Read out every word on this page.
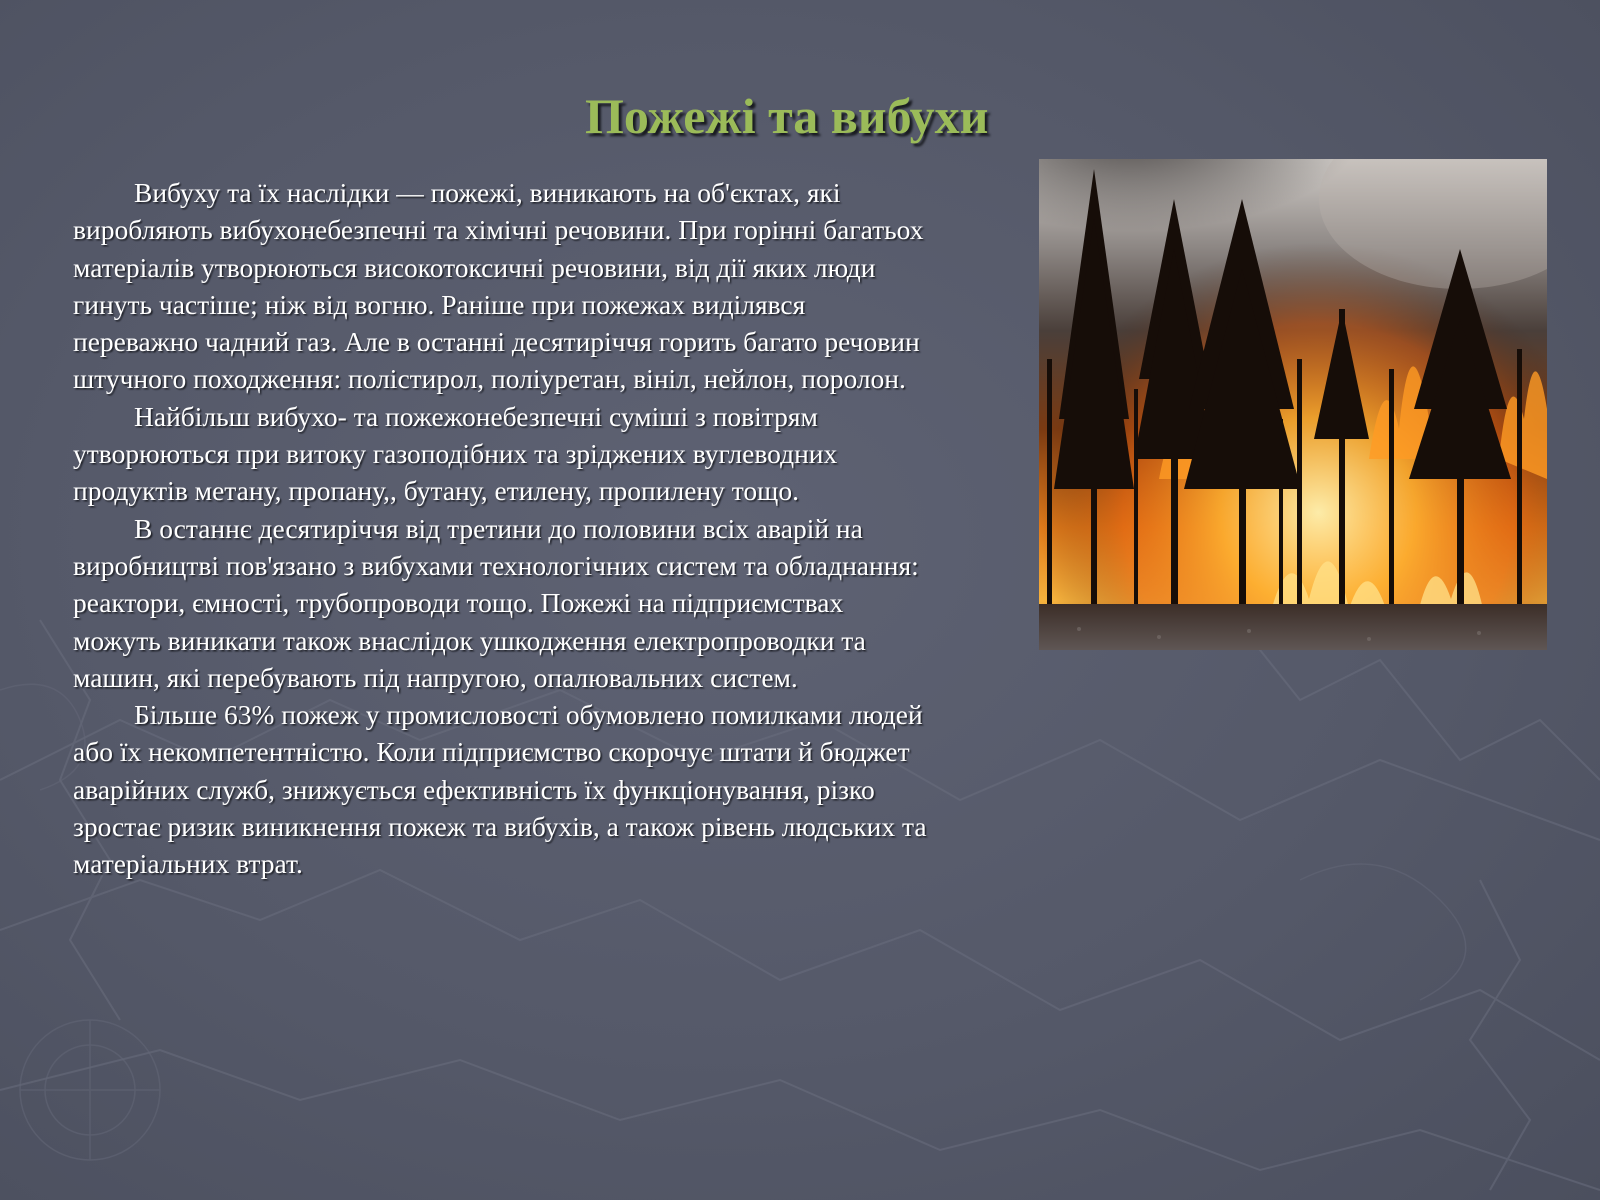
Пожежі та вибухи

Вибуху та їх наслідки — пожежі, виникають на об'єктах, які виробляють вибухонебезпечні та хімічні речовини. При горінні багатьох матеріалів утворюються високотоксичні речовини, від дії яких люди гинуть частіше; ніж від вогню. Раніше при пожежах виділявся переважно чадний газ. Але в останні десятиріччя горить багато речовин штучного походження: полістирол, поліуретан, вініл, нейлон, поролон.

Найбільш вибухо- та пожежонебезпечні суміші з повітрям утворюються при витоку газоподібних та зріджених вуглеводних продуктів метану, пропану,, бутану, етилену, пропилену тощо.

В останнє десятиріччя від третини до половини всіх аварій на виробництві пов'язано з вибухами технологічних систем та обладнання: реактори, ємності, трубопроводи тощо. Пожежі на підприємствах можуть виникати також внаслідок ушкодження електропроводки та машин, які перебувають під напругою, опалювальних систем.

Більше 63% пожеж у промисловості обумовлено помилками людей або їх некомпетентністю. Коли підприємство скорочує штати й бюджет аварійних служб, знижується ефективність їх функціонування, різко зростає ризик виникнення пожеж та вибухів, а також рівень людських та матеріальних втрат.
